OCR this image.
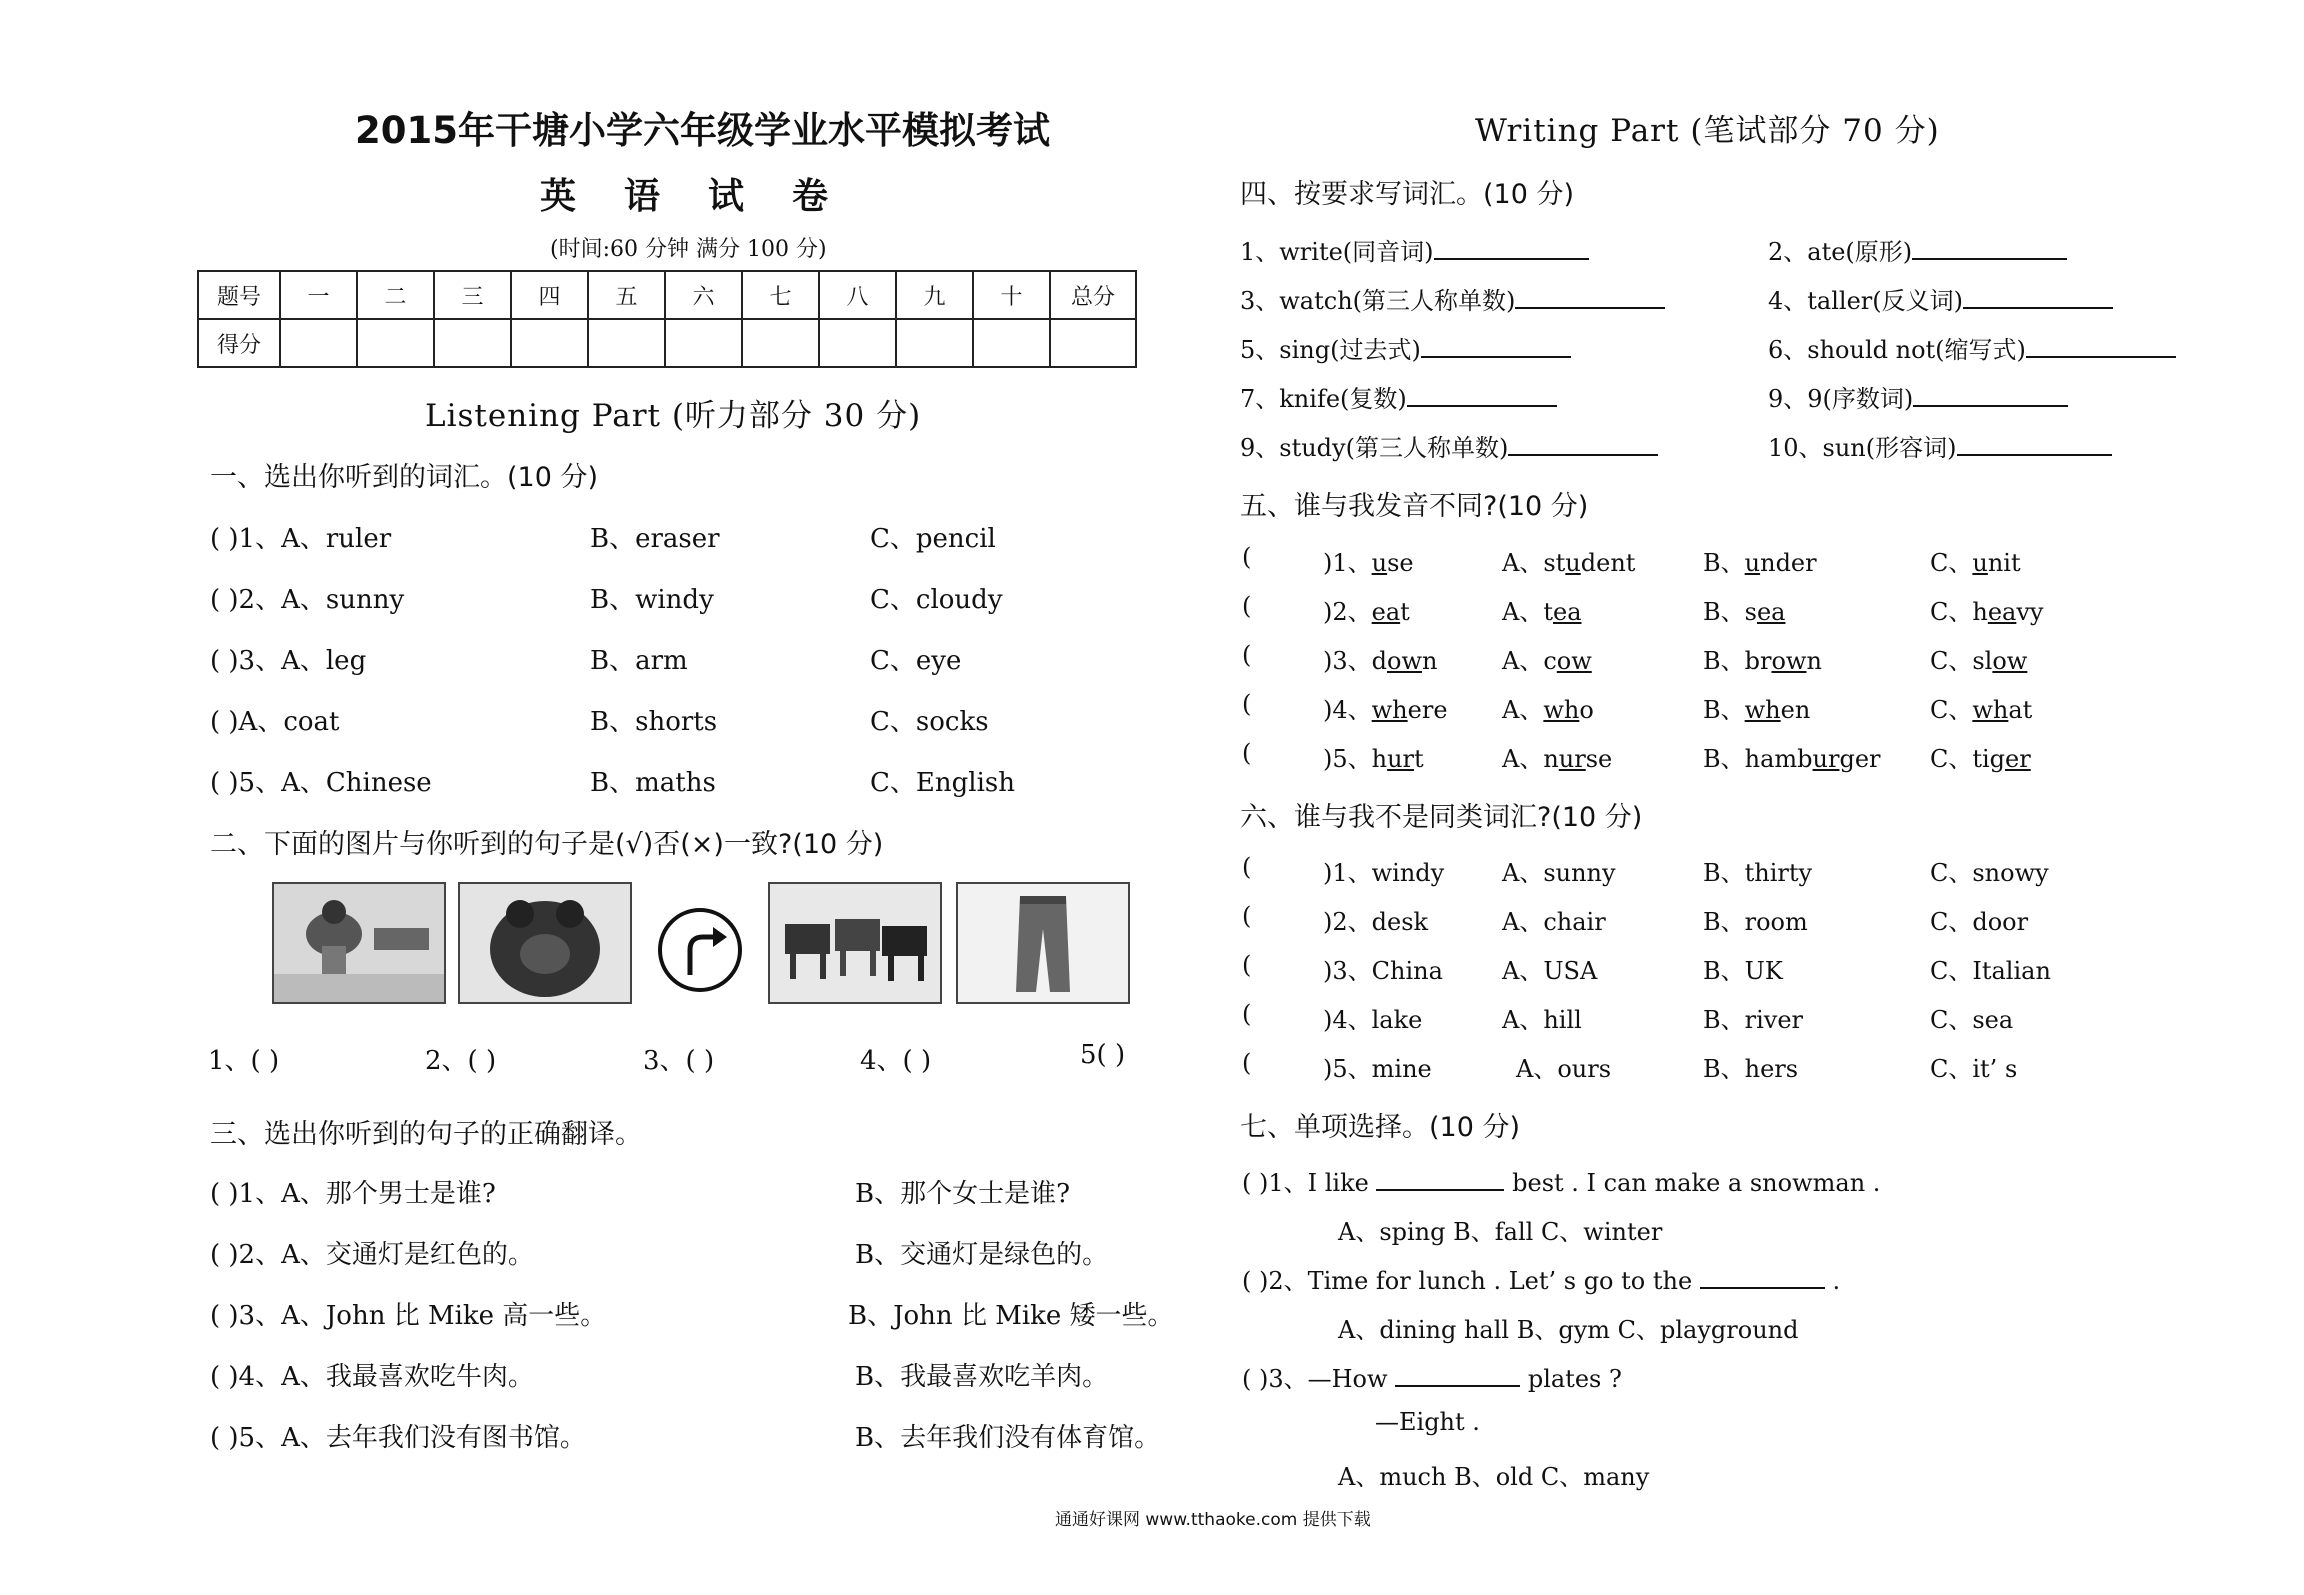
2015年干塘小学六年级学业水平模拟考试
英 语 试 卷
(时间:60 分钟 满分 100 分)
题号	一	二	三	四	五	六	七	八	九	十	总分
得分											
Listening Part (听力部分 30 分)
一、选出你听到的词汇。(10 分)
( )1、A、ruler	B、eraser	C、pencil
( )2、A、sunny	B、windy	C、cloudy
( )3、A、leg	B、arm	C、eye
( )A、coat	B、shorts	C、socks
( )5、A、Chinese	B、maths	C、English
二、下面的图片与你听到的句子是(√)否(×)一致?(10 分)
1、( )	2、( )	3、( )	4、( )	5( )
三、选出你听到的句子的正确翻译。
( )1、A、那个男士是谁?	B、那个女士是谁?
( )2、A、交通灯是红色的。	B、交通灯是绿色的。
( )3、A、John 比 Mike 高一些。	B、John 比 Mike 矮一些。
( )4、A、我最喜欢吃牛肉。	B、我最喜欢吃羊肉。
( )5、A、去年我们没有图书馆。	B、去年我们没有体育馆。
Writing Part (笔试部分 70 分)
四、按要求写词汇。(10 分)
1、write(同音词)	2、ate(原形)
3、watch(第三人称单数)	4、taller(反义词)
5、sing(过去式)	6、should not(缩写式)
7、knife(复数)	9、9(序数词)
9、study(第三人称单数)	10、sun(形容词)
五、谁与我发音不同?(10 分)
(	)1、use	A、student	B、under	C、unit
(	)2、eat	A、tea	B、sea	C、heavy
(	)3、down	A、cow	B、brown	C、slow
(	)4、where A、who	B、when	C、what
(	)5、hurt	A、nurse	B、hamburger C、tiger
六、谁与我不是同类词汇?(10 分)
(	)1、windy A、sunny	B、thirty	C、snowy
(	)2、desk	A、chair	B、room	C、door
(	)3、China A、USA	B、UK	C、Italian
(	)4、lake	A、hill	B、river	C、sea
(	)5、mine	A、ours	B、hers	C、it’ s
七、单项选择。(10 分)
( )1、I like	best . I can make a snowman .
A、sping B、fall C、winter
( )2、Time for lunch . Let’ s go to the	.
A、dining hall B、gym C、playground
( )3、—How	plates ?
—Eight .
A、much B、old C、many
通通好课网 www.tthaoke.com 提供下载
